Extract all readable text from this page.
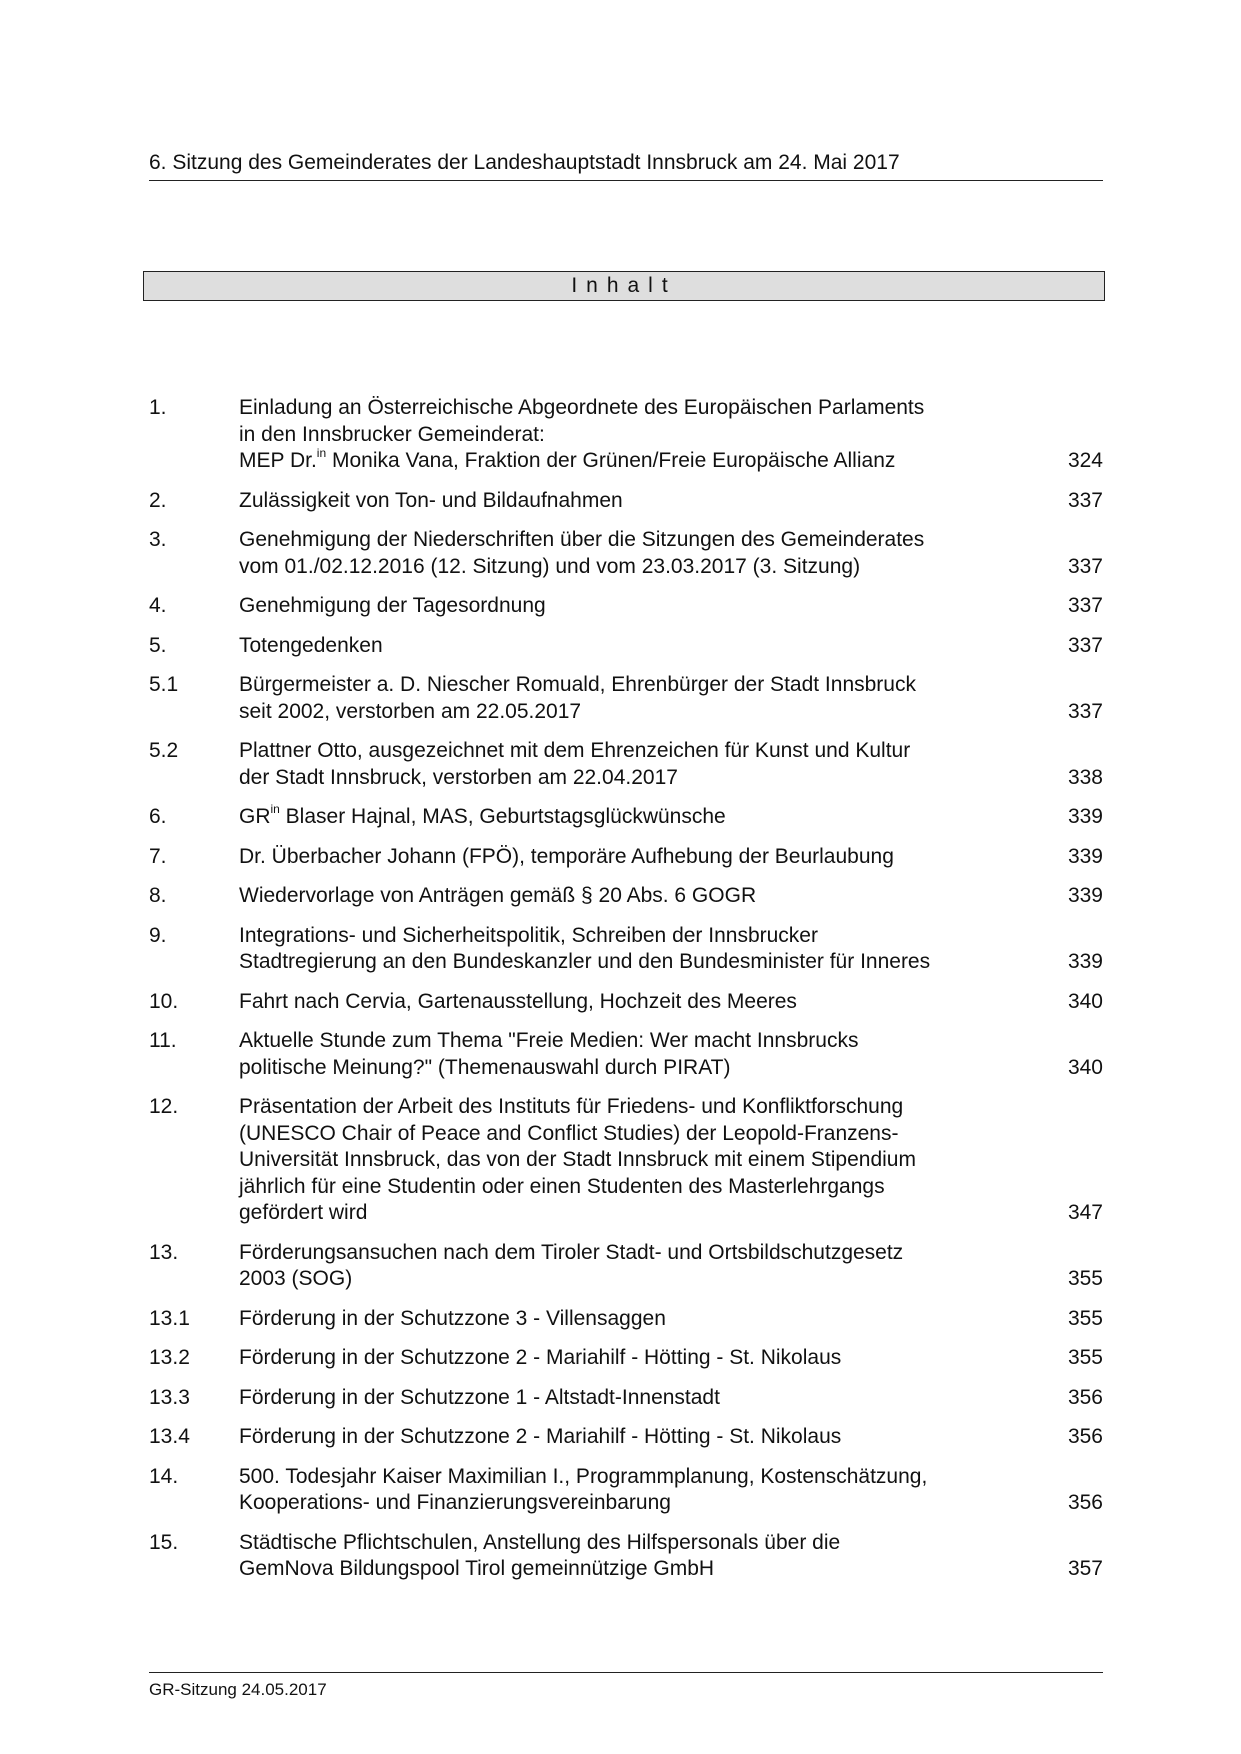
6. Sitzung des Gemeinderates der Landeshauptstadt Innsbruck am 24. Mai 2017
Inhalt
1.	Einladung an Österreichische Abgeordnete des Europäischen Parlaments
in den Innsbrucker Gemeinderat:
MEP Dr.$^{in}$ Monika Vana, Fraktion der Grünen/Freie Europäische Allianz	324
2.	Zulässigkeit von Ton- und Bildaufnahmen	337
3.	Genehmigung der Niederschriften über die Sitzungen des Gemeinderates
vom 01./02.12.2016 (12. Sitzung) und vom 23.03.2017 (3. Sitzung)	337
4.	Genehmigung der Tagesordnung	337
5.	Totengedenken	337
5.1	Bürgermeister a. D. Niescher Romuald, Ehrenbürger der Stadt Innsbruck
seit 2002, verstorben am 22.05.2017	337
5.2	Plattner Otto, ausgezeichnet mit dem Ehrenzeichen für Kunst und Kultur
der Stadt Innsbruck, verstorben am 22.04.2017	338
6.	$GR^{in}$ Blaser Hajnal, MAS, Geburtstagsglückwünsche	339
7.	Dr. Überbacher Johann (FPÖ), temporäre Aufhebung der Beurlaubung	339
8.	Wiedervorlage von Anträgen gemäß § 20 Abs. 6 GOGR	339
9.	Integrations- und Sicherheitspolitik, Schreiben der Innsbrucker
Stadtregierung an den Bundeskanzler und den Bundesminister für Inneres	339
10.	Fahrt nach Cervia, Gartenausstellung, Hochzeit des Meeres	340
11.	Aktuelle Stunde zum Thema "Freie Medien: Wer macht Innsbrucks
politische Meinung?" (Themenauswahl durch PIRAT)	340
12.	Präsentation der Arbeit des Instituts für Friedens- und Konfliktforschung
(UNESCO Chair of Peace and Conflict Studies) der Leopold-Franzens-
Universität Innsbruck, das von der Stadt Innsbruck mit einem Stipendium
jährlich für eine Studentin oder einen Studenten des Masterlehrgangs
gefördert wird	347
13.	Förderungsansuchen nach dem Tiroler Stadt- und Ortsbildschutzgesetz
2003 (SOG)	355
13.1	Förderung in der Schutzzone 3 - Villensaggen	355
13.2	Förderung in der Schutzzone 2 - Mariahilf - Hötting - St. Nikolaus	355
13.3	Förderung in der Schutzzone 1 - Altstadt-Innenstadt	356
13.4	Förderung in der Schutzzone 2 - Mariahilf - Hötting - St. Nikolaus	356
14.	500. Todesjahr Kaiser Maximilian I., Programmplanung, Kostenschätzung,
Kooperations- und Finanzierungsvereinbarung	356
15.	Städtische Pflichtschulen, Anstellung des Hilfspersonals über die
GemNova Bildungspool Tirol gemeinnützige GmbH	357
GR-Sitzung 24.05.2017
